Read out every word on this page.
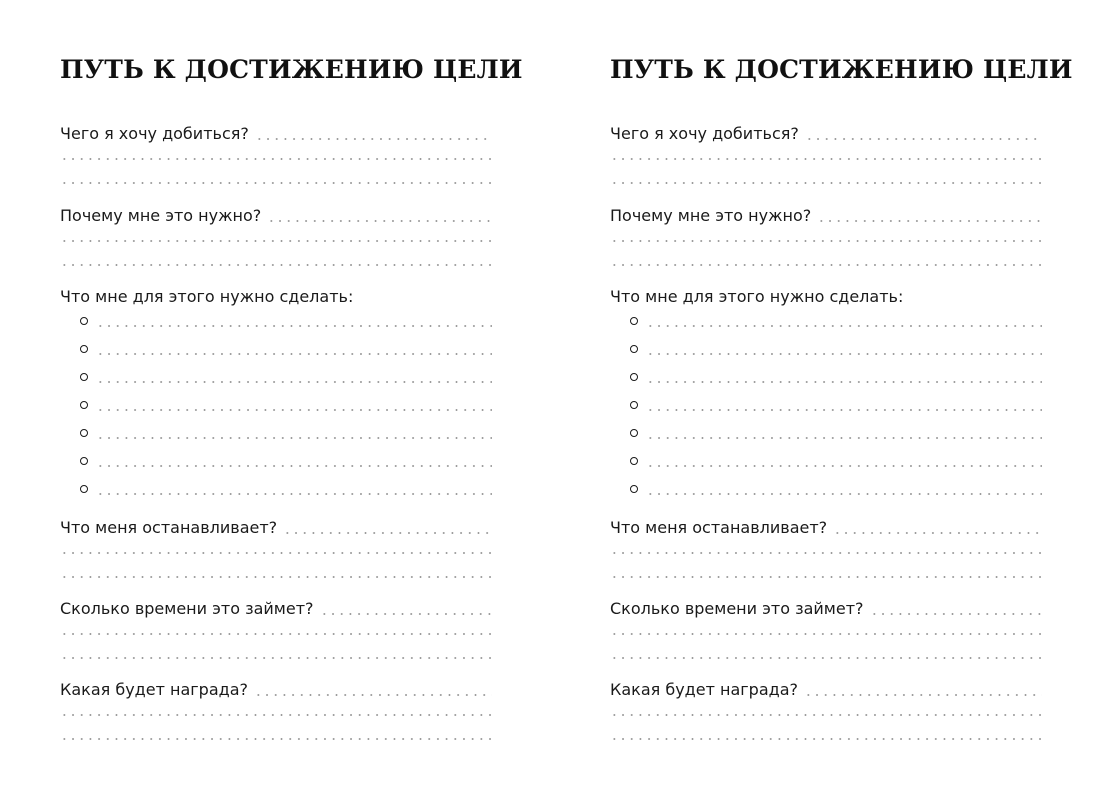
ПУТЬ К ДОСТИЖЕНИЮ ЦЕЛИ
Чего я хочу добиться?
Почему мне это нужно?
Что мне для этого нужно сделать:
Что меня останавливает?
Сколько времени это займет?
Какая будет награда?
ПУТЬ К ДОСТИЖЕНИЮ ЦЕЛИ
Чего я хочу добиться?
Почему мне это нужно?
Что мне для этого нужно сделать:
Что меня останавливает?
Сколько времени это займет?
Какая будет награда?
